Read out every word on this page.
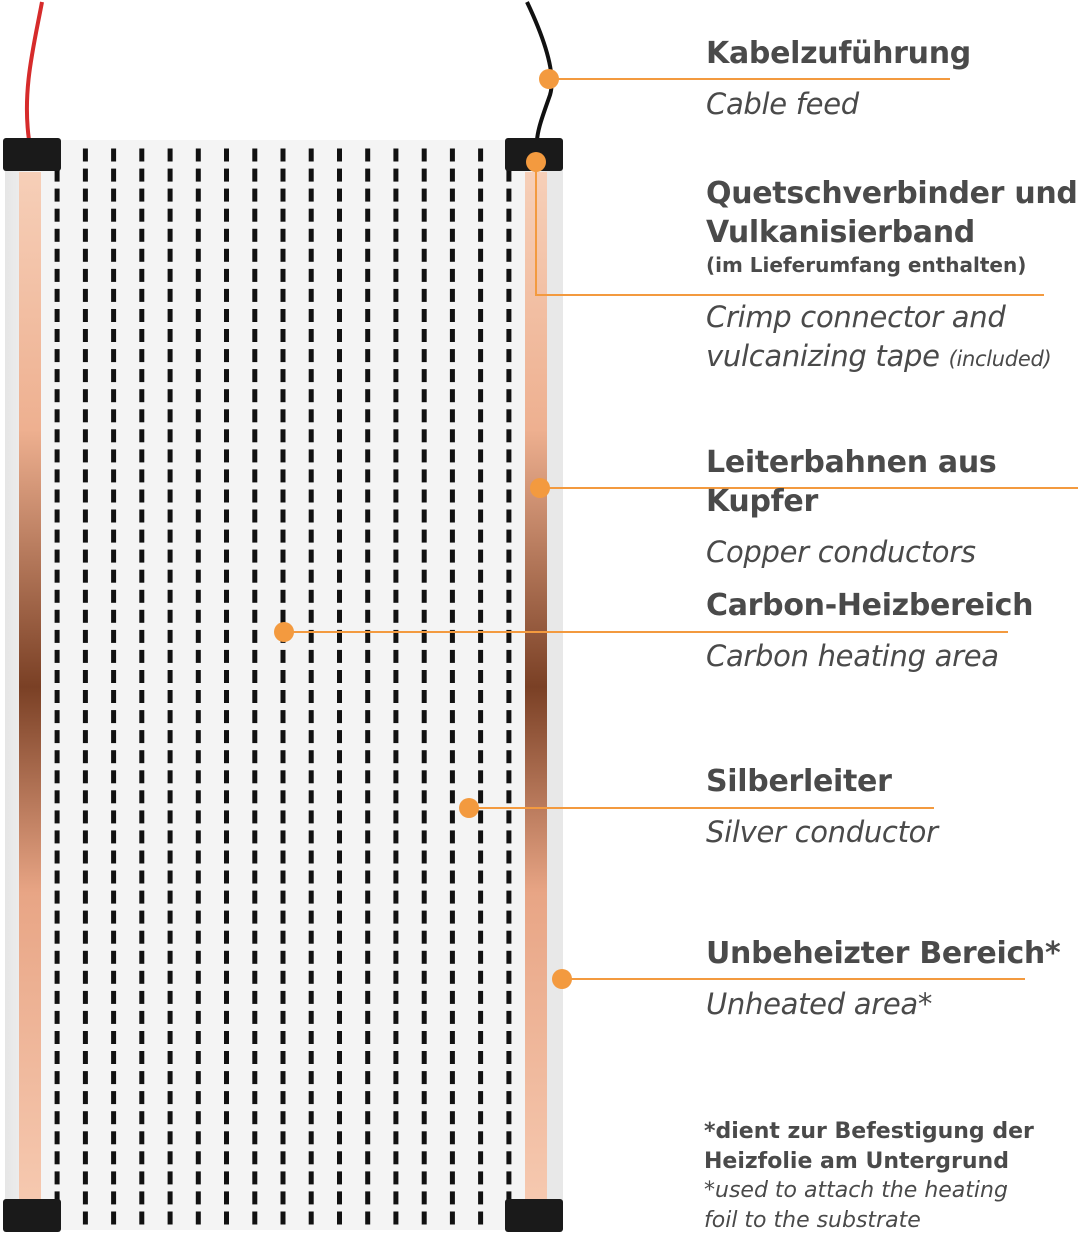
Kabelzuführung
Cable feed
Quetschverbinder und
Vulkanisierband
(im Lieferumfang enthalten)
Crimp connector and
vulcanizing tape (included)
Leiterbahnen aus Kupfer
Copper conductors
Carbon-Heizbereich
Carbon heating area
Silberleiter
Silver conductor
Unbeheizter Bereich*
Unheated area*
*dient zur Befestigung der
Heizfolie am Untergrund
*used to attach the heating
foil to the substrate
